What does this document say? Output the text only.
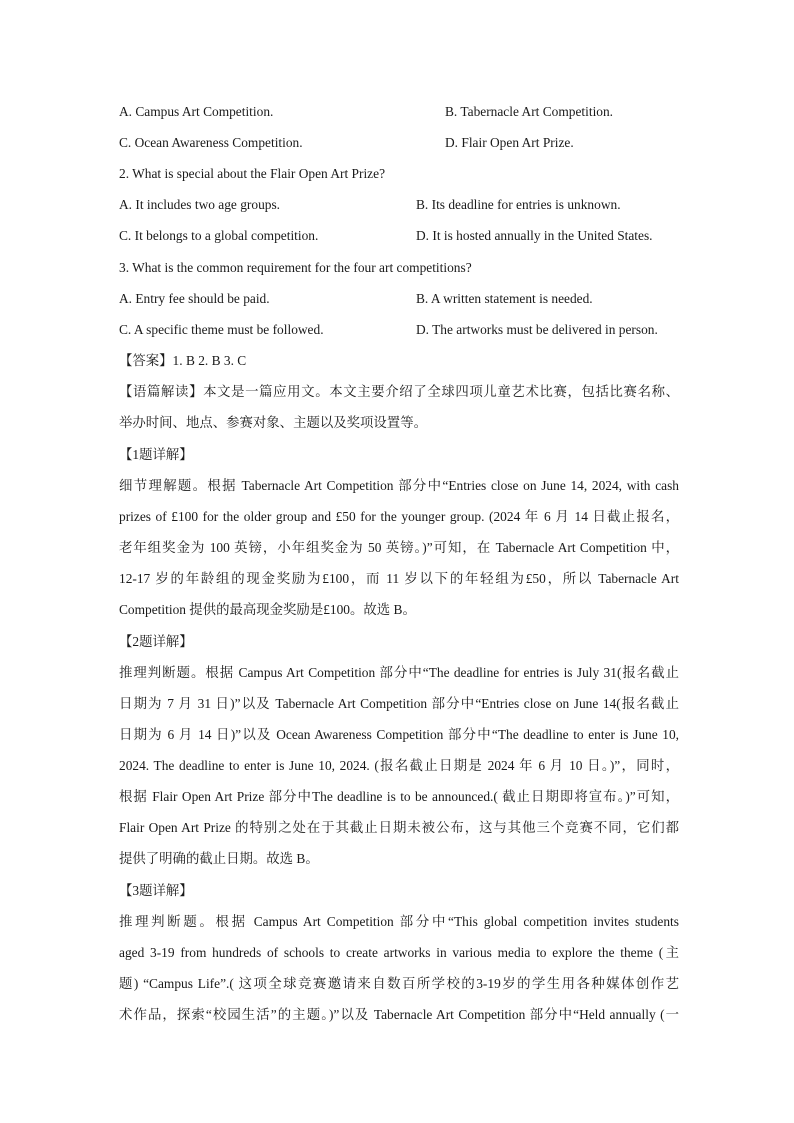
A. Campus Art Competition.	B. Tabernacle Art Competition.
C. Ocean Awareness Competition.	D. Flair Open Art Prize.
2. What is special about the Flair Open Art Prize?
A. It includes two age groups.	B. Its deadline for entries is unknown.
C. It belongs to a global competition.	D. It is hosted annually in the United States.
3. What is the common requirement for the four art competitions?
A. Entry fee should be paid.	B. A written statement is needed.
C. A specific theme must be followed.	D. The artworks must be delivered in person.
【答案】1. B 2. B 3. C
【语篇解读】本文是一篇应用文。本文主要介绍了全球四项儿童艺术比赛，包括比赛名称、
举办时间、地点、参赛对象、主题以及奖项设置等。
【1题详解】
细节理解题。根据 Tabernacle Art Competition 部分中“Entries close on June 14, 2024, with cash
prizes of £100 for the older group and £50 for the younger group. (2024 年 6 月 14 日截止报名，
老年组奖金为 100 英镑，小年组奖金为 50 英镑。)”可知，在 Tabernacle Art Competition 中，
12-17 岁的年龄组的现金奖励为£100，而 11 岁以下的年轻组为£50，所以 Tabernacle Art
Competition 提供的最高现金奖励是£100。故选 B。
【2题详解】
推理判断题。根据 Campus Art Competition 部分中“The deadline for entries is July 31(报名截止
日期为 7 月 31 日)”以及 Tabernacle Art Competition 部分中“Entries close on June 14(报名截止
日期为 6 月 14 日)”以及 Ocean Awareness Competition 部分中“The deadline to enter is June 10,
2024. The deadline to enter is June 10, 2024. (报名截止日期是 2024 年 6 月 10 日。)”，同时，
根据 Flair Open Art Prize 部分中The deadline is to be announced.( 截止日期即将宣布。)”可知，
Flair Open Art Prize 的特别之处在于其截止日期未被公布，这与其他三个竞赛不同，它们都
提供了明确的截止日期。故选 B。
【3题详解】
推理判断题。根据 Campus Art Competition 部分中“This global competition invites students
aged 3-19 from hundreds of schools to create artworks in various media to explore the theme (主
题) “Campus Life”.( 这项全球竞赛邀请来自数百所学校的3-19岁的学生用各种媒体创作艺
术作品，探索“校园生活”的主题。)”以及 Tabernacle Art Competition 部分中“Held annually (一
